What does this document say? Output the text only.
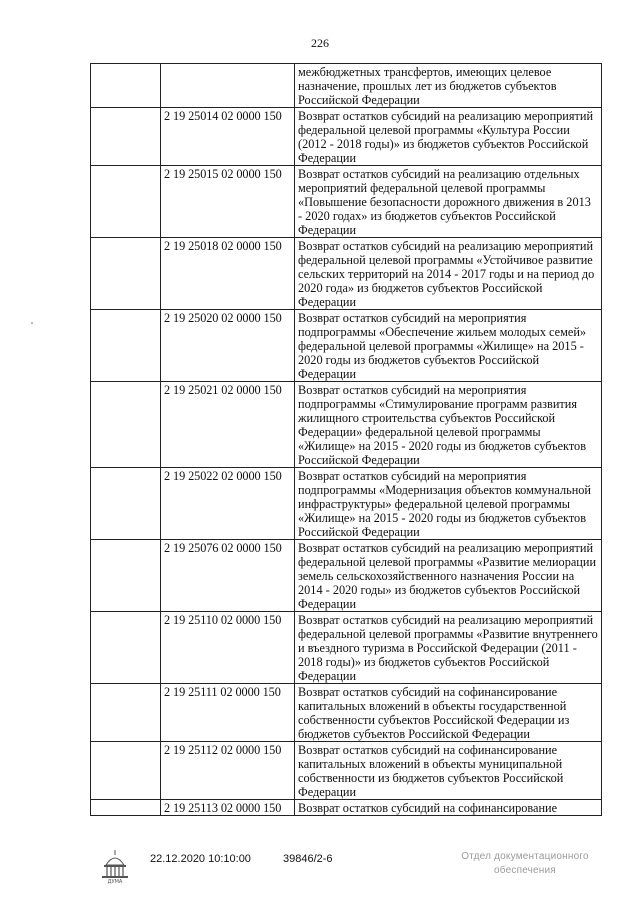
226
		межбюджетных трансфертов, имеющих целевое назначение, прошлых лет из бюджетов субъектов Российской Федерации
	2 19 25014 02 0000 150	Возврат остатков субсидий на реализацию мероприятий федеральной целевой программы «Культура России (2012 - 2018 годы)» из бюджетов субъектов Российской Федерации
	2 19 25015 02 0000 150	Возврат остатков субсидий на реализацию отдельных мероприятий федеральной целевой программы «Повышение безопасности дорожного движения в 2013 - 2020 годах» из бюджетов субъектов Российской Федерации
	2 19 25018 02 0000 150	Возврат остатков субсидий на реализацию мероприятий федеральной целевой программы «Устойчивое развитие сельских территорий на 2014 - 2017 годы и на период до 2020 года» из бюджетов субъектов Российской Федерации
	2 19 25020 02 0000 150	Возврат остатков субсидий на мероприятия подпрограммы «Обеспечение жильем молодых семей» федеральной целевой программы «Жилище» на 2015 - 2020 годы из бюджетов субъектов Российской Федерации
	2 19 25021 02 0000 150	Возврат остатков субсидий на мероприятия подпрограммы «Стимулирование программ развития жилищного строительства субъектов Российской Федерации» федеральной целевой программы «Жилище» на 2015 - 2020 годы из бюджетов субъектов Российской Федерации
	2 19 25022 02 0000 150	Возврат остатков субсидий на мероприятия подпрограммы «Модернизация объектов коммунальной инфраструктуры» федеральной целевой программы «Жилище» на 2015 - 2020 годы из бюджетов субъектов Российской Федерации
	2 19 25076 02 0000 150	Возврат остатков субсидий на реализацию мероприятий федеральной целевой программы «Развитие мелиорации земель сельскохозяйственного назначения России на 2014 - 2020 годы» из бюджетов субъектов Российской Федерации
	2 19 25110 02 0000 150	Возврат остатков субсидий на реализацию мероприятий федеральной целевой программы «Развитие внутреннего и въездного туризма в Российской Федерации (2011 - 2018 годы)» из бюджетов субъектов Российской Федерации
	2 19 25111 02 0000 150	Возврат остатков субсидий на софинансирование капитальных вложений в объекты государственной собственности субъектов Российской Федерации из бюджетов субъектов Российской Федерации
	2 19 25112 02 0000 150	Возврат остатков субсидий на софинансирование капитальных вложений в объекты муниципальной собственности из бюджетов субъектов Российской Федерации
	2 19 25113 02 0000 150	Возврат остатков субсидий на софинансирование
ДУМА
22.12.2020 10:10:00	39846/2-6	Отдел документационного
обеспечения
